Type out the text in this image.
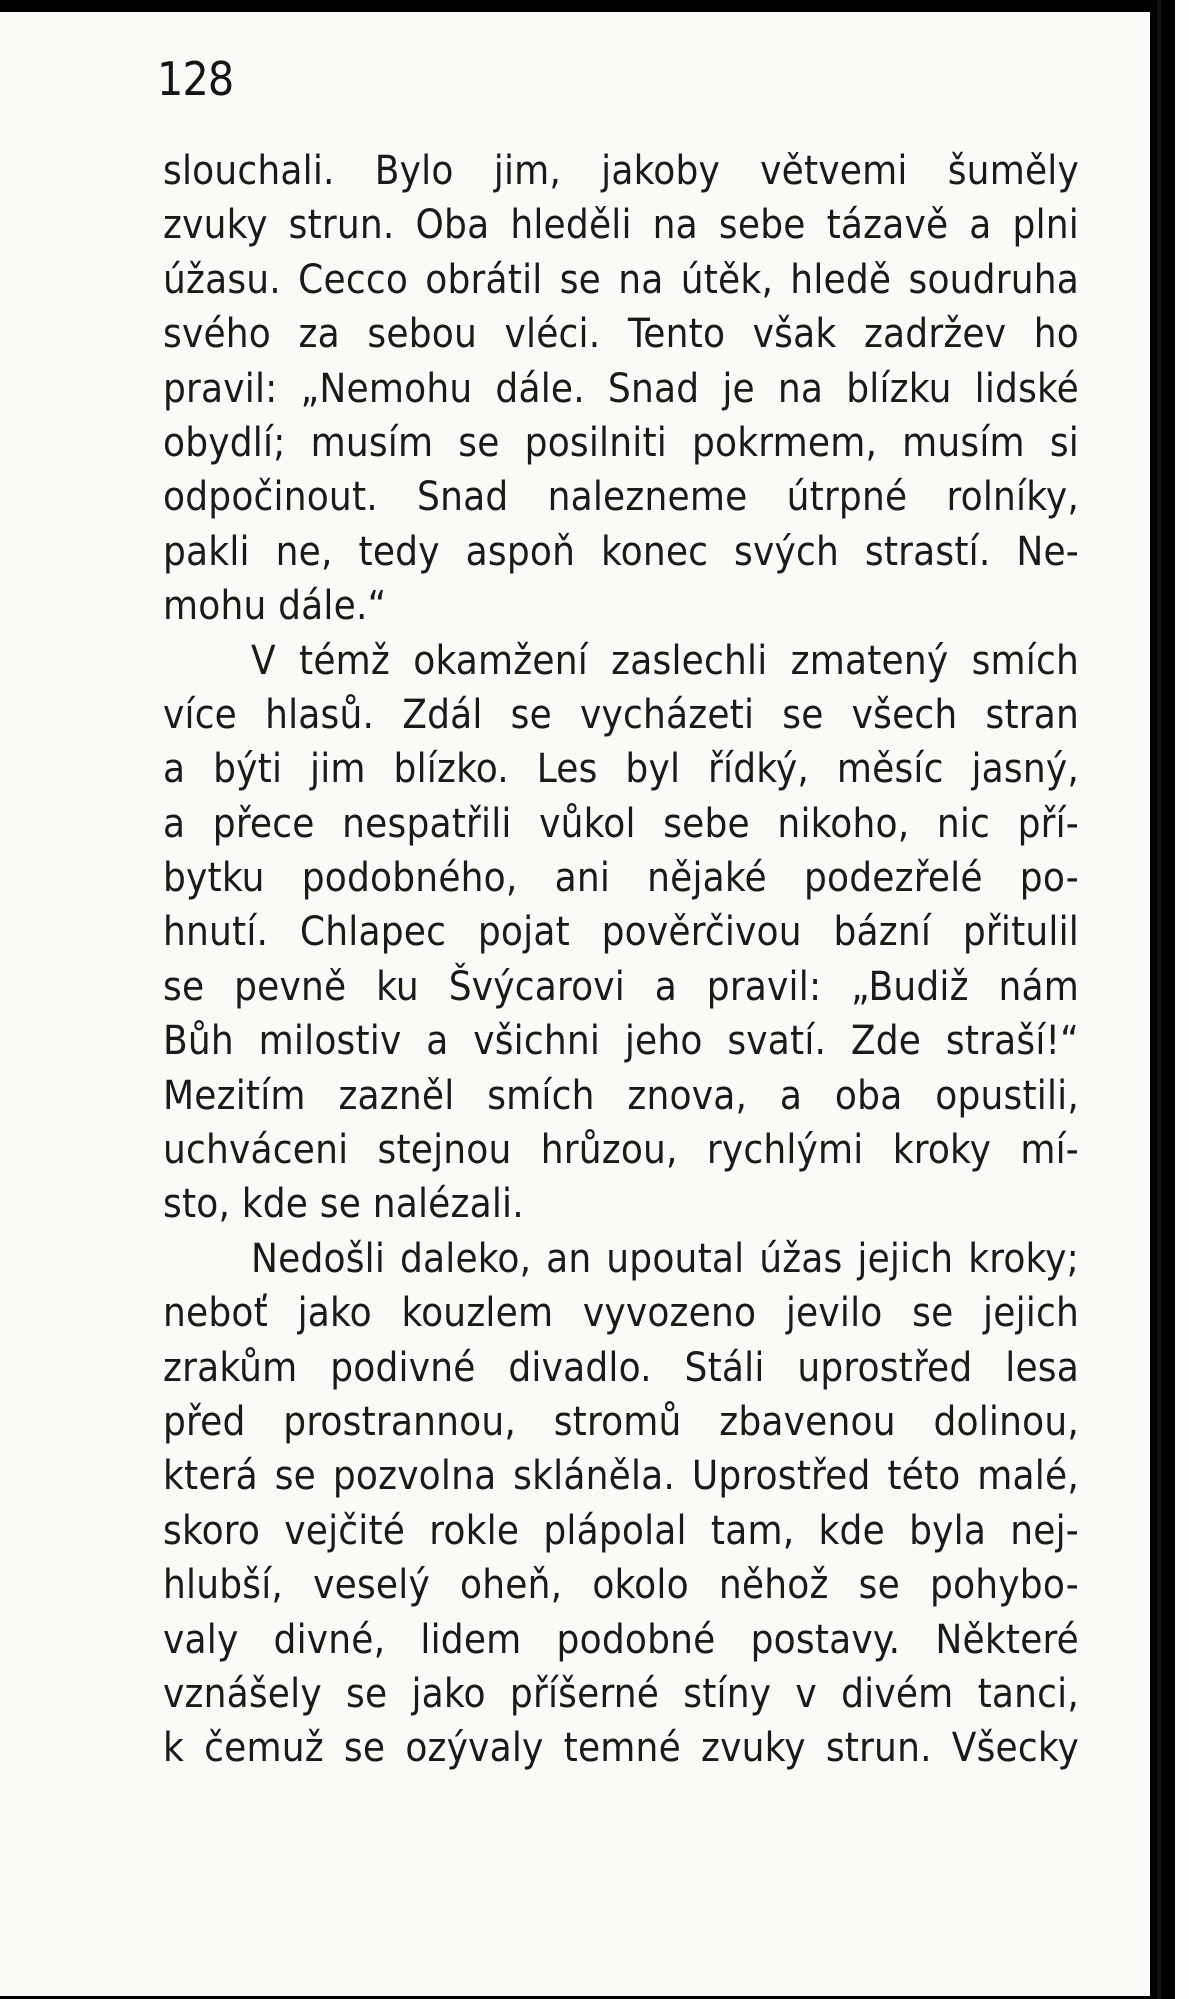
128
slouchali. Bylo jim, jakoby větvemi šuměly
zvuky strun. Oba hleděli na sebe tázavě a plni
úžasu. Cecco obrátil se na útěk, hledě soudruha
svého za sebou vléci. Tento však zadržev ho
pravil: „Nemohu dále. Snad je na blízku lidské
obydlí; musím se posilniti pokrmem, musím si
odpočinout. Snad nalezneme útrpné rolníky,
pakli ne, tedy aspoň konec svých strastí. Ne-
mohu dále.“
V témž okamžení zaslechli zmatený smích
více hlasů. Zdál se vycházeti se všech stran
a býti jim blízko. Les byl řídký, měsíc jasný,
a přece nespatřili vůkol sebe nikoho, nic pří-
bytku podobného, ani nějaké podezřelé po-
hnutí. Chlapec pojat pověrčivou bázní přitulil
se pevně ku Švýcarovi a pravil: „Budiž nám
Bůh milostiv a všichni jeho svatí. Zde straší!“
Mezitím zazněl smích znova, a oba opustili,
uchváceni stejnou hrůzou, rychlými kroky mí-
sto, kde se nalézali.
Nedošli daleko, an upoutal úžas jejich kroky;
neboť jako kouzlem vyvozeno jevilo se jejich
zrakům podivné divadlo. Stáli uprostřed lesa
před prostrannou, stromů zbavenou dolinou,
která se pozvolna skláněla. Uprostřed této malé,
skoro vejčité rokle plápolal tam, kde byla nej-
hlubší, veselý oheň, okolo něhož se pohybo-
valy divné, lidem podobné postavy. Některé
vznášely se jako příšerné stíny v divém tanci,
k čemuž se ozývaly temné zvuky strun. Všecky
